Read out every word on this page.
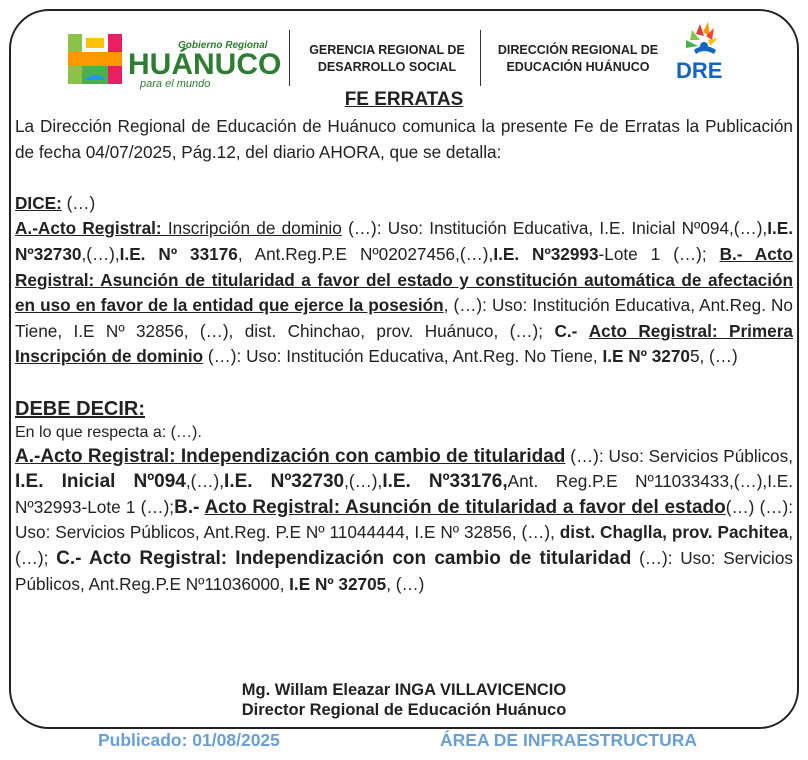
Gobierno Regional
HUÁNUCO
para el mundo
GERENCIA REGIONAL DE
DESARROLLO SOCIAL
DIRECCIÓN REGIONAL DE
EDUCACIÓN HUÁNUCO	DRE
FE ERRATAS

La Dirección Regional de Educación de Huánuco comunica la presente Fe de Erratas la Publicación de fecha 04/07/2025, Pág.12, del diario AHORA, que se detalla:

DICE: (…)

A.-Acto Registral: Inscripción de dominio (…): Uso: Institución Educativa, I.E. Inicial Nº094,(…),I.E. Nº32730,(…),I.E. Nº 33176, Ant.Reg.P.E Nº02027456,(…),I.E. Nº32993-Lote 1 (…); B.- Acto Registral: Asunción de titularidad a favor del estado y constitución automática de afectación en uso en favor de la entidad que ejerce la posesión, (…): Uso: Institución Educativa, Ant.Reg. No Tiene, I.E Nº 32856, (…), dist. Chinchao, prov. Huánuco, (…); C.- Acto Registral: Primera Inscripción de dominio (…): Uso: Institución Educativa, Ant.Reg. No Tiene, I.E Nº 32705, (…)

DEBE DECIR:

En lo que respecta a: (…).

A.-Acto Registral: Independización con cambio de titularidad (…): Uso: Servicios Públicos, I.E. Inicial Nº094,(…),I.E. Nº32730,(…),I.E. Nº33176,Ant. Reg.P.E Nº11033433,(…),I.E. Nº32993-Lote 1 (…);B.- Acto Registral: Asunción de titularidad a favor del estado(…) (…): Uso: Servicios Públicos, Ant.Reg. P.E Nº 11044444, I.E Nº 32856, (…), dist. Chaglla, prov. Pachitea, (…); C.- Acto Registral: Independización con cambio de titularidad (…): Uso: Servicios Públicos, Ant.Reg.P.E Nº11036000, I.E Nº 32705, (…)

Mg. Willam Eleazar INGA VILLAVICENCIO
Director Regional de Educación Huánuco
Publicado: 01/08/2025	ÁREA DE INFRAESTRUCTURA
